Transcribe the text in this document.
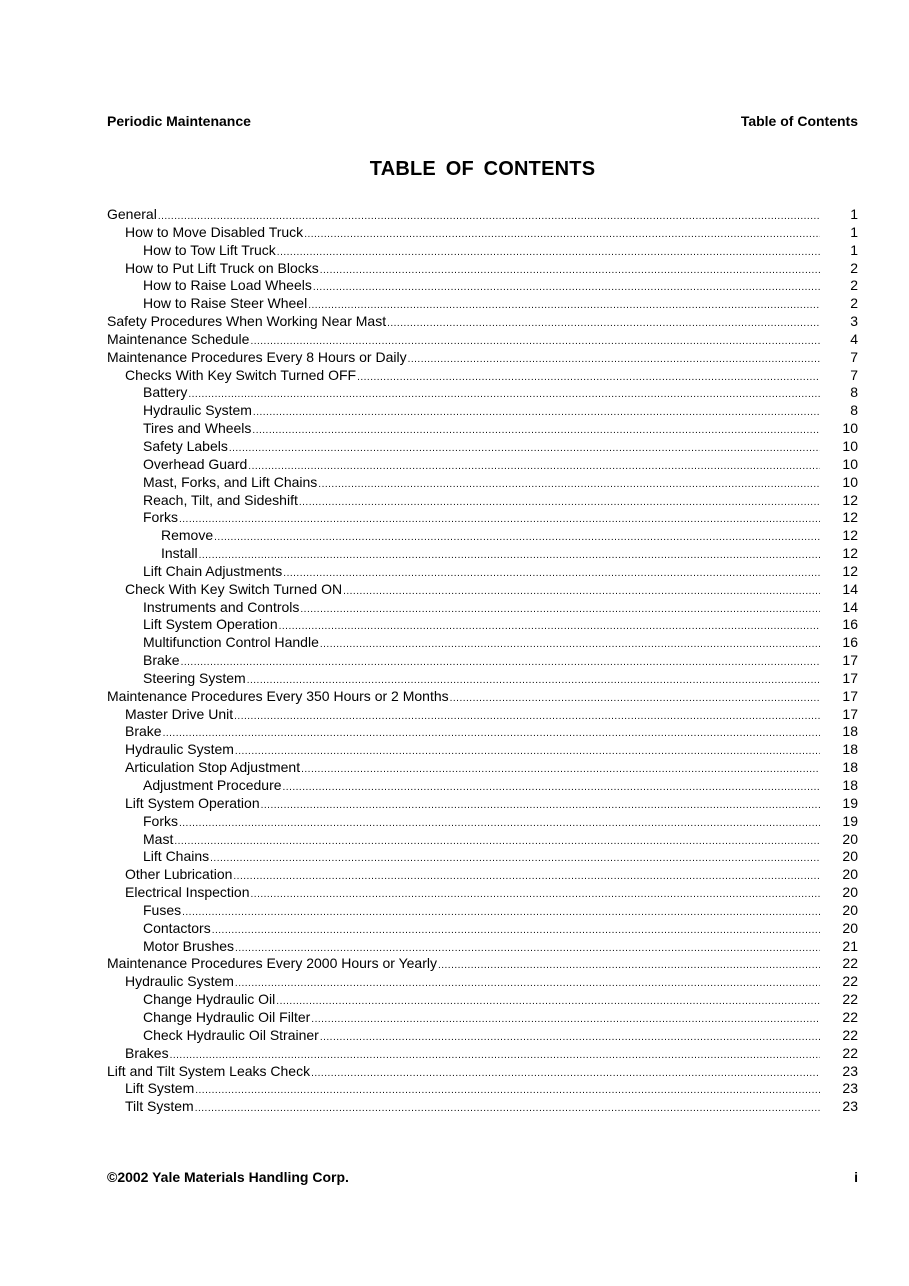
Periodic Maintenance	Table of Contents
TABLE OF CONTENTS
General .....	1
How to Move Disabled Truck .....	1
How to Tow Lift Truck .....	1
How to Put Lift Truck on Blocks .....	2
How to Raise Load Wheels .....	2
How to Raise Steer Wheel .....	2
Safety Procedures When Working Near Mast .....	3
Maintenance Schedule .....	4
Maintenance Procedures Every 8 Hours or Daily .....	7
Checks With Key Switch Turned OFF .....	7
Battery .....	8
Hydraulic System .....	8
Tires and Wheels .....	10
Safety Labels .....	10
Overhead Guard .....	10
Mast, Forks, and Lift Chains .....	10
Reach, Tilt, and Sideshift .....	12
Forks .....	12
Remove .....	12
Install .....	12
Lift Chain Adjustments .....	12
Check With Key Switch Turned ON .....	14
Instruments and Controls .....	14
Lift System Operation .....	16
Multifunction Control Handle .....	16
Brake .....	17
Steering System .....	17
Maintenance Procedures Every 350 Hours or 2 Months .....	17
Master Drive Unit .....	17
Brake .....	18
Hydraulic System .....	18
Articulation Stop Adjustment .....	18
Adjustment Procedure .....	18
Lift System Operation .....	19
Forks .....	19
Mast .....	20
Lift Chains .....	20
Other Lubrication .....	20
Electrical Inspection .....	20
Fuses .....	20
Contactors .....	20
Motor Brushes .....	21
Maintenance Procedures Every 2000 Hours or Yearly .....	22
Hydraulic System .....	22
Change Hydraulic Oil .....	22
Change Hydraulic Oil Filter .....	22
Check Hydraulic Oil Strainer .....	22
Brakes .....	22
Lift and Tilt System Leaks Check .....	23
Lift System .....	23
Tilt System .....	23
©2002 Yale Materials Handling Corp.	i
